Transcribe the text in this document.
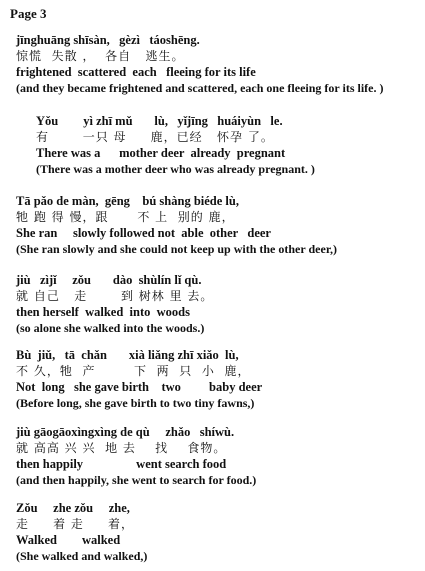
Page 3
jīnghuāng shīsàn,   gèzì   táoshēng.
惊慌  失散 ，  各自   逃生。
frightened  scattered  each   fleeing for its life
(and they became frightened and scattered, each one fleeing for its life. )
Yǒu        yì zhī mǔ       lù,   yǐjīng   huáiyùn   le.
有       一只 母     鹿，已经   怀孕 了。
There was a      mother deer  already  pregnant
(There was a mother deer who was already pregnant. )
Tā pǎo de màn,  gēng    bú shàng biéde lù,
牠 跑 得 慢，跟      不 上  别的 鹿，
She ran     slowly followed not  able  other   deer
(She ran slowly and she could not keep up with the other deer,)
jiù   zìjǐ     zǒu       dào  shùlín lǐ qù.
就 自己   走       到 树林 里 去。
then herself  walked  into  woods
(so alone she walked into the woods.)
Bù  jiǔ,   tā  chǎn       xià liǎng zhī xiǎo  lù,
不 久，牠  产        下  两  只  小  鹿，
Not  long   she gave birth    two         baby deer
(Before long, she gave birth to two tiny fawns,)
jiù gāogāoxìngxìng de qù     zhǎo   shíwù.
就 高高 兴 兴  地 去    找    食物。
then happily                 went search food
(and then happily, she went to search for food.)
Zǒu     zhe zǒu     zhe,
走     着 走     着，
Walked        walked
(She walked and walked,)
